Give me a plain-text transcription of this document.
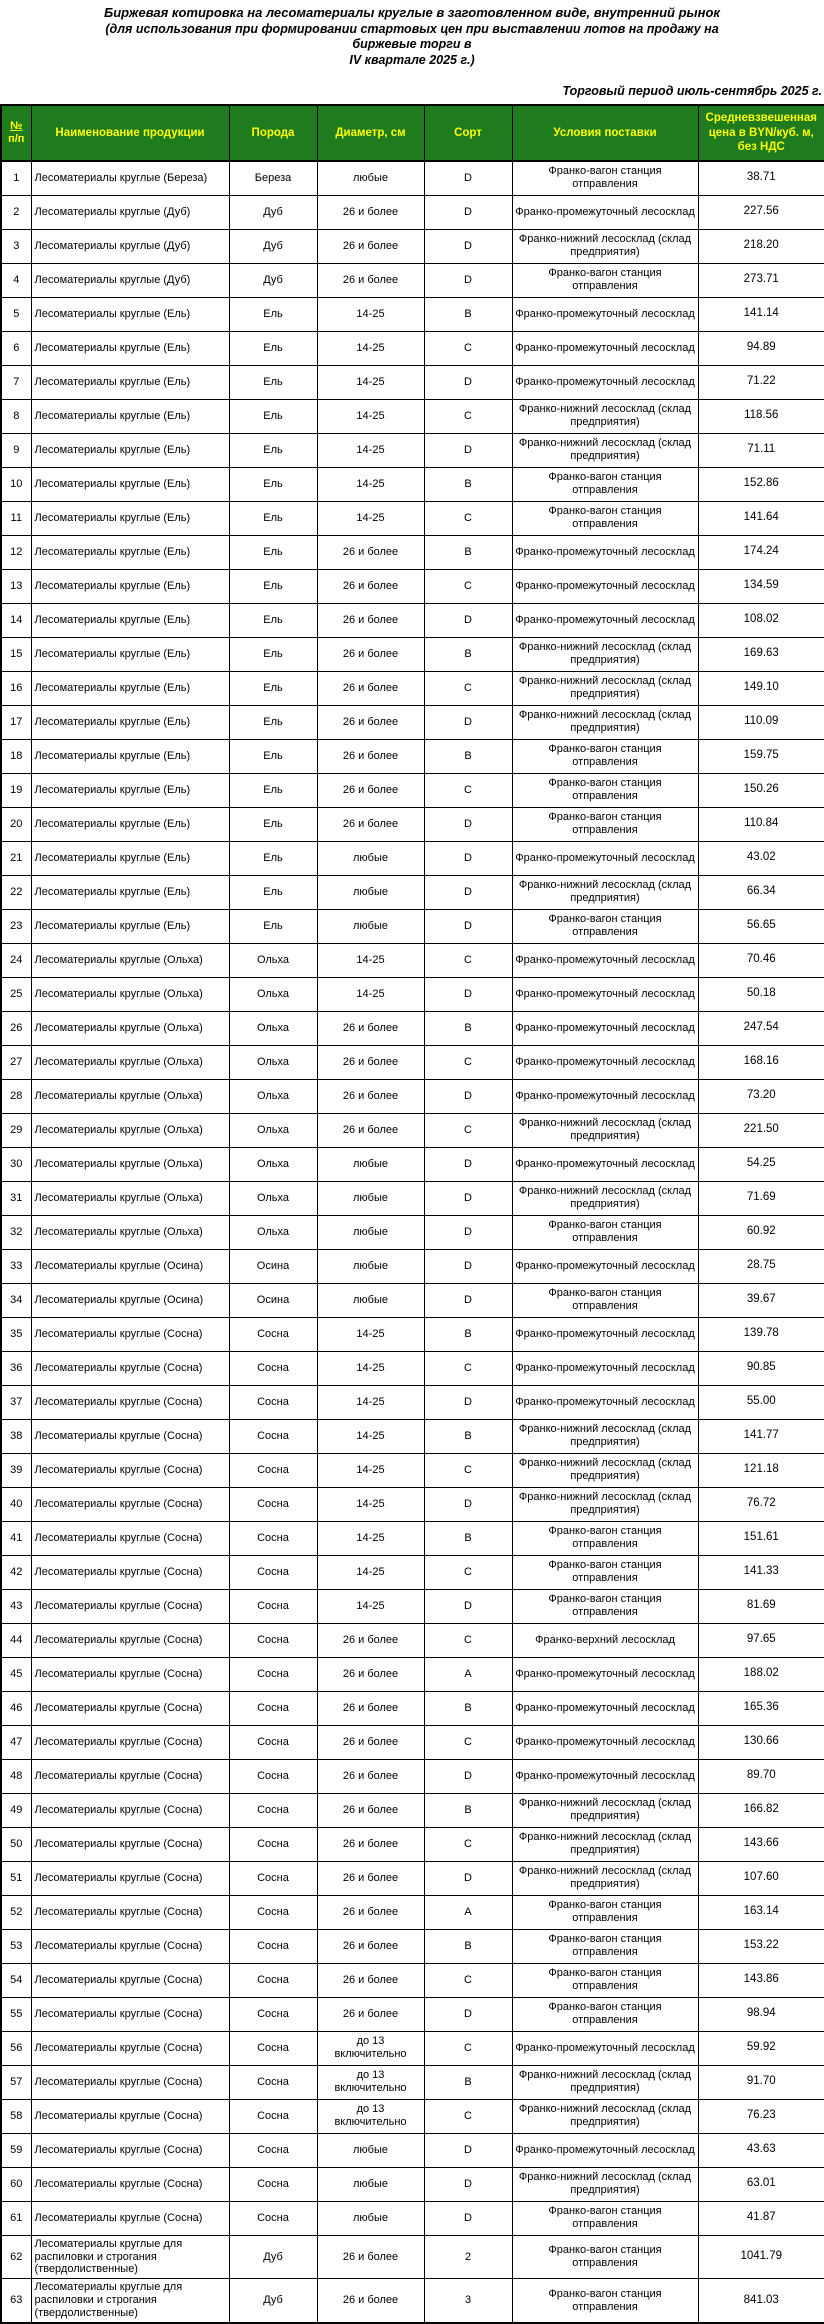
Биржевая котировка на лесоматериалы круглые в заготовленном виде, внутренний рынок
(для использования при формировании стартовых цен при выставлении лотов на продажу на
биржевые торги в
IV квартале 2025 г.)
Торговый период июль-сентябрь 2025 г.
№
п/п	Наименование продукции	Порода	Диаметр, см	Сорт	Условия поставки	Средневзвешенная цена в BYN/куб. м, без НДС
1	Лесоматериалы круглые (Береза)	Береза	любые	D	Франко-вагон станция отправления	38.71
2	Лесоматериалы круглые (Дуб)	Дуб	26 и более	D	Франко-промежуточный лесосклад	227.56
3	Лесоматериалы круглые (Дуб)	Дуб	26 и более	D	Франко-нижний лесосклад (склад предприятия)	218.20
4	Лесоматериалы круглые (Дуб)	Дуб	26 и более	D	Франко-вагон станция отправления	273.71
5	Лесоматериалы круглые (Ель)	Ель	14-25	B	Франко-промежуточный лесосклад	141.14
6	Лесоматериалы круглые (Ель)	Ель	14-25	C	Франко-промежуточный лесосклад	94.89
7	Лесоматериалы круглые (Ель)	Ель	14-25	D	Франко-промежуточный лесосклад	71.22
8	Лесоматериалы круглые (Ель)	Ель	14-25	C	Франко-нижний лесосклад (склад предприятия)	118.56
9	Лесоматериалы круглые (Ель)	Ель	14-25	D	Франко-нижний лесосклад (склад предприятия)	71.11
10	Лесоматериалы круглые (Ель)	Ель	14-25	B	Франко-вагон станция отправления	152.86
11	Лесоматериалы круглые (Ель)	Ель	14-25	C	Франко-вагон станция отправления	141.64
12	Лесоматериалы круглые (Ель)	Ель	26 и более	B	Франко-промежуточный лесосклад	174.24
13	Лесоматериалы круглые (Ель)	Ель	26 и более	C	Франко-промежуточный лесосклад	134.59
14	Лесоматериалы круглые (Ель)	Ель	26 и более	D	Франко-промежуточный лесосклад	108.02
15	Лесоматериалы круглые (Ель)	Ель	26 и более	B	Франко-нижний лесосклад (склад предприятия)	169.63
16	Лесоматериалы круглые (Ель)	Ель	26 и более	C	Франко-нижний лесосклад (склад предприятия)	149.10
17	Лесоматериалы круглые (Ель)	Ель	26 и более	D	Франко-нижний лесосклад (склад предприятия)	110.09
18	Лесоматериалы круглые (Ель)	Ель	26 и более	B	Франко-вагон станция отправления	159.75
19	Лесоматериалы круглые (Ель)	Ель	26 и более	C	Франко-вагон станция отправления	150.26
20	Лесоматериалы круглые (Ель)	Ель	26 и более	D	Франко-вагон станция отправления	110.84
21	Лесоматериалы круглые (Ель)	Ель	любые	D	Франко-промежуточный лесосклад	43.02
22	Лесоматериалы круглые (Ель)	Ель	любые	D	Франко-нижний лесосклад (склад предприятия)	66.34
23	Лесоматериалы круглые (Ель)	Ель	любые	D	Франко-вагон станция отправления	56.65
24	Лесоматериалы круглые (Ольха)	Ольха	14-25	C	Франко-промежуточный лесосклад	70.46
25	Лесоматериалы круглые (Ольха)	Ольха	14-25	D	Франко-промежуточный лесосклад	50.18
26	Лесоматериалы круглые (Ольха)	Ольха	26 и более	B	Франко-промежуточный лесосклад	247.54
27	Лесоматериалы круглые (Ольха)	Ольха	26 и более	C	Франко-промежуточный лесосклад	168.16
28	Лесоматериалы круглые (Ольха)	Ольха	26 и более	D	Франко-промежуточный лесосклад	73.20
29	Лесоматериалы круглые (Ольха)	Ольха	26 и более	C	Франко-нижний лесосклад (склад предприятия)	221.50
30	Лесоматериалы круглые (Ольха)	Ольха	любые	D	Франко-промежуточный лесосклад	54.25
31	Лесоматериалы круглые (Ольха)	Ольха	любые	D	Франко-нижний лесосклад (склад предприятия)	71.69
32	Лесоматериалы круглые (Ольха)	Ольха	любые	D	Франко-вагон станция отправления	60.92
33	Лесоматериалы круглые (Осина)	Осина	любые	D	Франко-промежуточный лесосклад	28.75
34	Лесоматериалы круглые (Осина)	Осина	любые	D	Франко-вагон станция отправления	39.67
35	Лесоматериалы круглые (Сосна)	Сосна	14-25	B	Франко-промежуточный лесосклад	139.78
36	Лесоматериалы круглые (Сосна)	Сосна	14-25	C	Франко-промежуточный лесосклад	90.85
37	Лесоматериалы круглые (Сосна)	Сосна	14-25	D	Франко-промежуточный лесосклад	55.00
38	Лесоматериалы круглые (Сосна)	Сосна	14-25	B	Франко-нижний лесосклад (склад предприятия)	141.77
39	Лесоматериалы круглые (Сосна)	Сосна	14-25	C	Франко-нижний лесосклад (склад предприятия)	121.18
40	Лесоматериалы круглые (Сосна)	Сосна	14-25	D	Франко-нижний лесосклад (склад предприятия)	76.72
41	Лесоматериалы круглые (Сосна)	Сосна	14-25	B	Франко-вагон станция отправления	151.61
42	Лесоматериалы круглые (Сосна)	Сосна	14-25	C	Франко-вагон станция отправления	141.33
43	Лесоматериалы круглые (Сосна)	Сосна	14-25	D	Франко-вагон станция отправления	81.69
44	Лесоматериалы круглые (Сосна)	Сосна	26 и более	C	Франко-верхний лесосклад	97.65
45	Лесоматериалы круглые (Сосна)	Сосна	26 и более	A	Франко-промежуточный лесосклад	188.02
46	Лесоматериалы круглые (Сосна)	Сосна	26 и более	B	Франко-промежуточный лесосклад	165.36
47	Лесоматериалы круглые (Сосна)	Сосна	26 и более	C	Франко-промежуточный лесосклад	130.66
48	Лесоматериалы круглые (Сосна)	Сосна	26 и более	D	Франко-промежуточный лесосклад	89.70
49	Лесоматериалы круглые (Сосна)	Сосна	26 и более	B	Франко-нижний лесосклад (склад предприятия)	166.82
50	Лесоматериалы круглые (Сосна)	Сосна	26 и более	C	Франко-нижний лесосклад (склад предприятия)	143.66
51	Лесоматериалы круглые (Сосна)	Сосна	26 и более	D	Франко-нижний лесосклад (склад предприятия)	107.60
52	Лесоматериалы круглые (Сосна)	Сосна	26 и более	A	Франко-вагон станция отправления	163.14
53	Лесоматериалы круглые (Сосна)	Сосна	26 и более	B	Франко-вагон станция отправления	153.22
54	Лесоматериалы круглые (Сосна)	Сосна	26 и более	C	Франко-вагон станция отправления	143.86
55	Лесоматериалы круглые (Сосна)	Сосна	26 и более	D	Франко-вагон станция отправления	98.94
56	Лесоматериалы круглые (Сосна)	Сосна	до 13 включительно	C	Франко-промежуточный лесосклад	59.92
57	Лесоматериалы круглые (Сосна)	Сосна	до 13 включительно	B	Франко-нижний лесосклад (склад предприятия)	91.70
58	Лесоматериалы круглые (Сосна)	Сосна	до 13 включительно	C	Франко-нижний лесосклад (склад предприятия)	76.23
59	Лесоматериалы круглые (Сосна)	Сосна	любые	D	Франко-промежуточный лесосклад	43.63
60	Лесоматериалы круглые (Сосна)	Сосна	любые	D	Франко-нижний лесосклад (склад предприятия)	63.01
61	Лесоматериалы круглые (Сосна)	Сосна	любые	D	Франко-вагон станция отправления	41.87
62	Лесоматериалы круглые для распиловки и строгания (твердолиственные)	Дуб	26 и более	2	Франко-вагон станция отправления	1041.79
63	Лесоматериалы круглые для распиловки и строгания (твердолиственные)	Дуб	26 и более	3	Франко-вагон станция отправления	841.03
